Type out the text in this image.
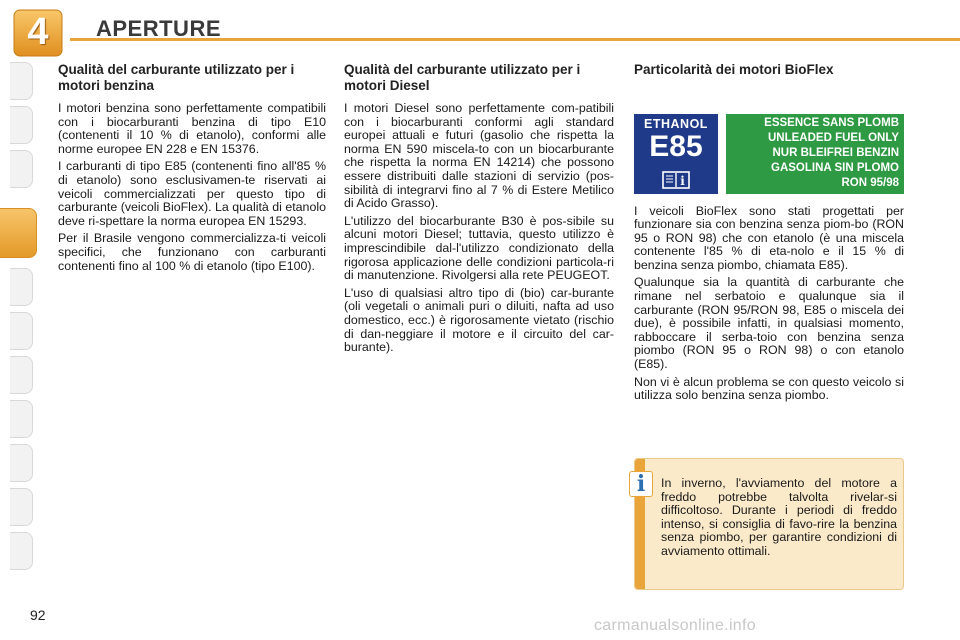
4	APERTURE
Qualità del carburante utilizzato per i motori benzina

I motori benzina sono perfettamente compatibili con i biocarburanti benzina di tipo E10 (contenenti il 10 % di etanolo), conformi alle norme europee EN 228 e EN 15376.

I carburanti di tipo E85 (contenenti fino all'85 % di etanolo) sono esclusivamen-te riservati ai veicoli commercializzati per questo tipo di carburante (veicoli BioFlex). La qualità di etanolo deve ri-spettare la norma europea EN 15293.

Per il Brasile vengono commercializza-ti veicoli specifici, che funzionano con carburanti contenenti fino al 100 % di etanolo (tipo E100).

Qualità del carburante utilizzato per i motori Diesel

I motori Diesel sono perfettamente com-patibili con i biocarburanti conformi agli standard europei attuali e futuri (gasolio che rispetta la norma EN 590 miscela-to con un biocarburante che rispetta la norma EN 14214) che possono essere distribuiti dalle stazioni di servizio (pos-sibilità di integrarvi fino al 7 % di Estere Metilico di Acido Grasso).

L'utilizzo del biocarburante B30 è pos-sibile su alcuni motori Diesel; tuttavia, questo utilizzo è imprescindibile dal-l'utilizzo condizionato della rigorosa applicazione delle condizioni particola-ri di manutenzione. Rivolgersi alla rete PEUGEOT.

L'uso di qualsiasi altro tipo di (bio) car-burante (oli vegetali o animali puri o diluiti, nafta ad uso domestico, ecc.) è rigorosamente vietato (rischio di dan-neggiare il motore e il circuito del car-burante).

Particolarità dei motori BioFlex
ETHANOL
E85
i
ESSENCE SANS PLOMB
UNLEADED FUEL ONLY
NUR BLEIFREI BENZIN
GASOLINA SIN PLOMO
RON 95/98

I veicoli BioFlex sono stati progettati per funzionare sia con benzina senza piom-bo (RON 95 o RON 98) che con etanolo (è una miscela contenente l'85 % di eta-nolo e il 15 % di benzina senza piombo, chiamata E85).

Qualunque sia la quantità di carburante che rimane nel serbatoio e qualunque sia il carburante (RON 95/RON 98, E85 o miscela dei due), è possibile infatti, in qualsiasi momento, rabboccare il serba-toio con benzina senza piombo (RON 95 o RON 98) o con etanolo (E85).

Non vi è alcun problema se con questo veicolo si utilizza solo benzina senza piombo.

i	In inverno, l'avviamento del motore a freddo potrebbe talvolta rivelar-si difficoltoso. Durante i periodi di freddo intenso, si consiglia di favo-rire la benzina senza piombo, per garantire condizioni di avviamento ottimali.

92
carmanualsonline.info
